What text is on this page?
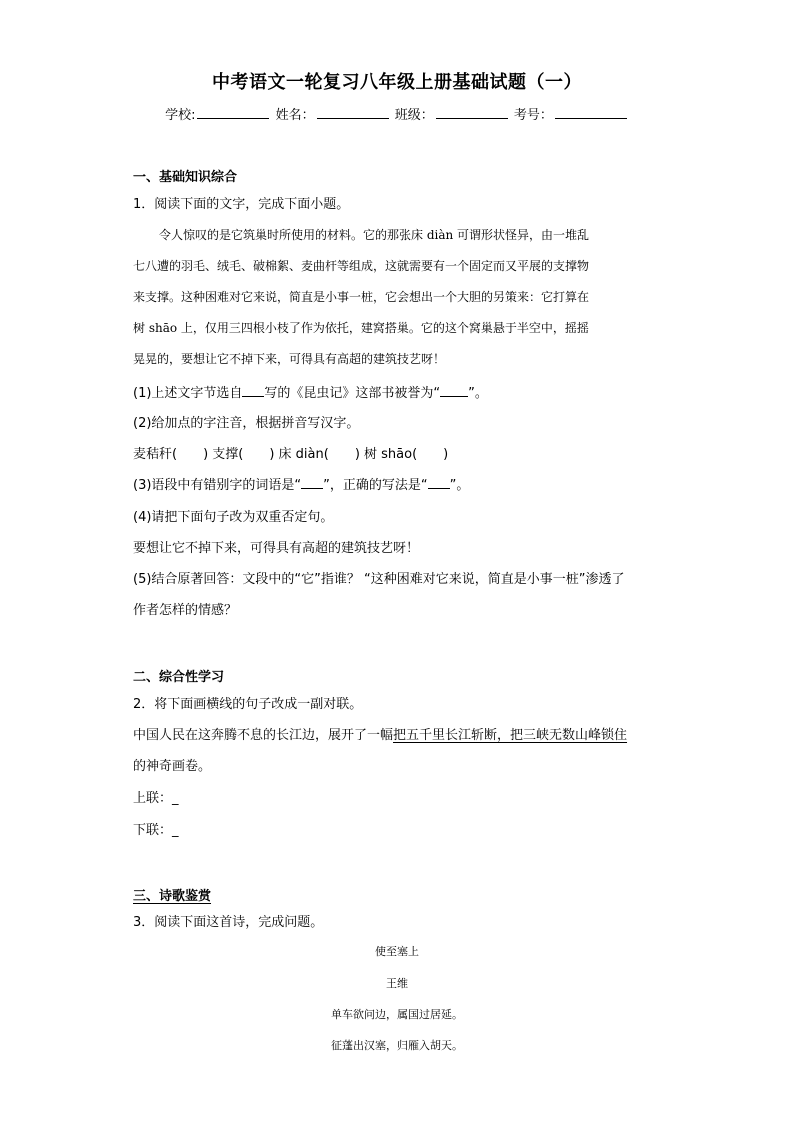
中考语文一轮复习八年级上册基础试题（一）
学校:	姓名：	班级：	考号：
一、基础知识综合
1．阅读下面的文字，完成下面小题。
令人惊叹的是它筑巢时所使用的材料。它的那张床 diàn 可谓形状怪异，由一堆乱
七八遭的羽毛、绒毛、破棉絮、麦曲杆等组成，这就需要有一个固定而又平展的支撑物
来支撑。这种困难对它来说，简直是小事一桩，它会想出一个大胆的另策来：它打算在
树 shāo 上，仅用三四根小枝了作为依托，建窝搭巢。它的这个窝巢悬于半空中，摇摇
晃晃的，要想让它不掉下来，可得具有高超的建筑技艺呀！
(1)上述文字节选自 写的《昆虫记》这部书被誉为“ ”。
(2)给加点的字注音，根据拼音写汉字。
麦秸秆(　　) 支撑(　　) 床 diàn(　　) 树 shāo(　　)
(3)语段中有错别字的词语是“ ”，正确的写法是“ ”。
(4)请把下面句子改为双重否定句。
要想让它不掉下来，可得具有高超的建筑技艺呀！
(5)结合原著回答：文段中的“它”指谁？ “这种困难对它来说，简直是小事一桩”渗透了
作者怎样的情感？
二、综合性学习
2．将下面画横线的句子改成一副对联。
中国人民在这奔腾不息的长江边，展开了一幅把五千里长江斩断，把三峡无数山峰锁住
的神奇画卷。
上联：_
下联：_
三、诗歌鉴赏
3．阅读下面这首诗，完成问题。
使至塞上
王维
单车欲问边，属国过居延。
征蓬出汉塞，归雁入胡天。
